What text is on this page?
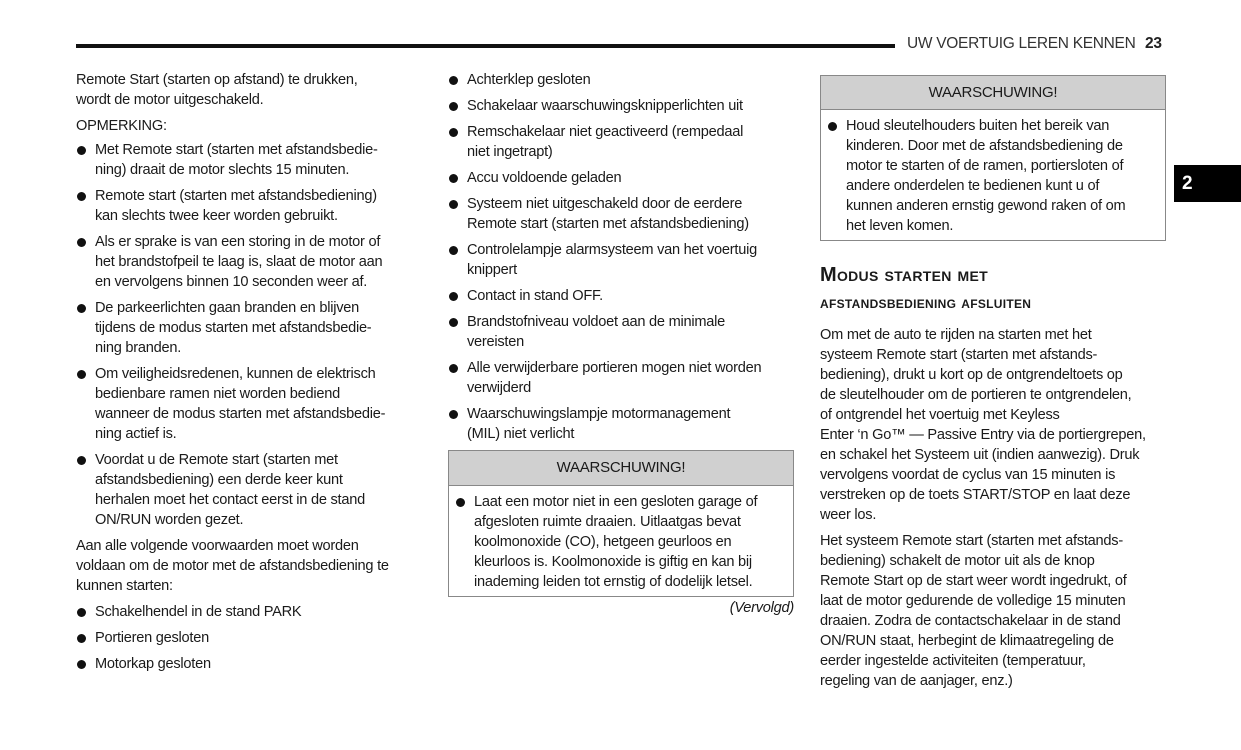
UW VOERTUIG LEREN KENNEN 23
2

Remote Start (starten op afstand) te drukken,
wordt de motor uitgeschakeld.

OPMERKING:
Met Remote start (starten met afstandsbedie-
ning) draait de motor slechts 15 minuten.
Remote start (starten met afstandsbediening)
kan slechts twee keer worden gebruikt.
Als er sprake is van een storing in de motor of
het brandstofpeil te laag is, slaat de motor aan
en vervolgens binnen 10 seconden weer af.
De parkeerlichten gaan branden en blijven
tijdens de modus starten met afstandsbedie-
ning branden.
Om veiligheidsredenen, kunnen de elektrisch
bedienbare ramen niet worden bediend
wanneer de modus starten met afstandsbedie-
ning actief is.
Voordat u de Remote start (starten met
afstandsbediening) een derde keer kunt
herhalen moet het contact eerst in de stand
ON/RUN worden gezet.

Aan alle volgende voorwaarden moet worden
voldaan om de motor met de afstandsbediening te
kunnen starten:

Schakelhendel in de stand PARK
Portieren gesloten
Motorkap gesloten
Achterklep gesloten
Schakelaar waarschuwingsknipperlichten uit
Remschakelaar niet geactiveerd (rempedaal
niet ingetrapt)
Accu voldoende geladen
Systeem niet uitgeschakeld door de eerdere
Remote start (starten met afstandsbediening)
Controlelampje alarmsysteem van het voertuig
knippert
Contact in stand OFF.
Brandstofniveau voldoet aan de minimale
vereisten
Alle verwijderbare portieren mogen niet worden
verwijderd
Waarschuwingslampje motormanagement
(MIL) niet verlicht
WAARSCHUWING!
Laat een motor niet in een gesloten garage of
afgesloten ruimte draaien. Uitlaatgas bevat
koolmonoxide (CO), hetgeen geurloos en
kleurloos is. Koolmonoxide is giftig en kan bij
inademing leiden tot ernstig of dodelijk letsel.
(Vervolgd)
WAARSCHUWING!
Houd sleutelhouders buiten het bereik van
kinderen. Door met de afstandsbediening de
motor te starten of de ramen, portiersloten of
andere onderdelen te bedienen kunt u of
kunnen anderen ernstig gewond raken of om
het leven komen.
Modus starten met
afstandsbediening afsluiten

Om met de auto te rijden na starten met het
systeem Remote start (starten met afstands-
bediening), drukt u kort op de ontgrendeltoets op
de sleutelhouder om de portieren te ontgrendelen,
of ontgrendel het voertuig met Keyless
Enter ‘n Go™ — Passive Entry via de portiergrepen,
en schakel het Systeem uit (indien aanwezig). Druk
vervolgens voordat de cyclus van 15 minuten is
verstreken op de toets START/STOP en laat deze
weer los.

Het systeem Remote start (starten met afstands-
bediening) schakelt de motor uit als de knop
Remote Start op de start weer wordt ingedrukt, of
laat de motor gedurende de volledige 15 minuten
draaien. Zodra de contactschakelaar in de stand
ON/RUN staat, herbegint de klimaatregeling de
eerder ingestelde activiteiten (temperatuur,
regeling van de aanjager, enz.)
